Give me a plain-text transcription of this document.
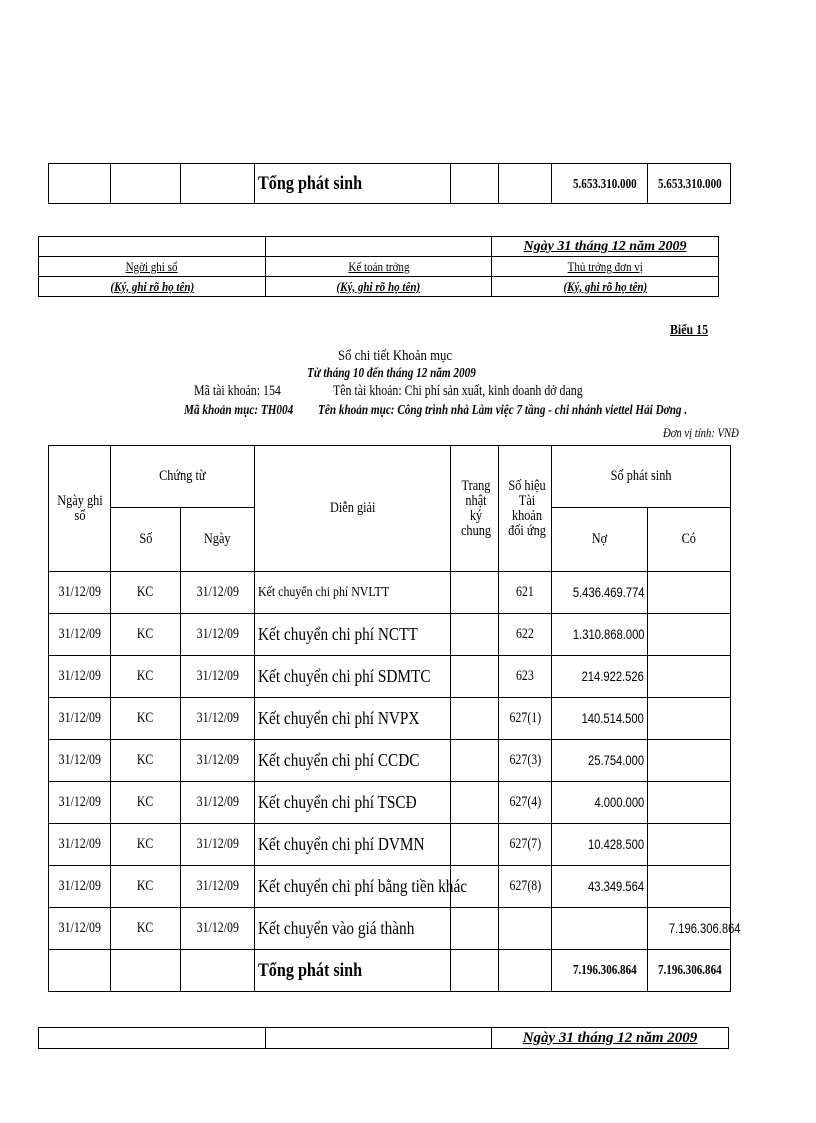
			Tổng phát sinh			5.653.310.000	5.653.310.000
		Ngày 31 tháng 12 năm 2009
Ngời ghi sổ	Kế toán trởng	Thủ trởng đơn vị
(Ký, ghi rõ họ tên)	(Ký, ghi rõ họ tên)	(Ký, ghi rõ họ tên)
Biểu 15
Sổ chi tiết Khoản mục
Từ tháng 10 đến tháng 12 năm 2009
Mã tài khoản: 154	Tên tài khoản: Chi phí sản xuất, kinh doanh dở dang
Mã khoản mục: TH004 Tên khoản mục: Công trình nhà Làm việc 7 tầng - chi nhánh viettel Hải Dơng .
Đơn vị tính: VNĐ
Ngày ghi sổ	Chứng từ		Diễn giải	Trang nhật ký chung	Số hiệu Tài khoản đối ứng	Số phát sinh	
	Số	Ngày				Nợ	Có
31/12/09	KC	31/12/09	Kết chuyển chi phí NVLTT		621	5.436.469.774	
31/12/09	KC	31/12/09	Kết chuyển chi phí NCTT		622	1.310.868.000	
31/12/09	KC	31/12/09	Kết chuyển chi phí SDMTC		623	214.922.526	
31/12/09	KC	31/12/09	Kết chuyển chi phí NVPX		627(1)	140.514.500	
31/12/09	KC	31/12/09	Kết chuyển chi phí CCDC		627(3)	25.754.000	
31/12/09	KC	31/12/09	Kết chuyển chi phí TSCĐ		627(4)	4.000.000	
31/12/09	KC	31/12/09	Kết chuyển chi phí DVMN		627(7)	10.428.500	
31/12/09	KC	31/12/09	Kết chuyển chi phí bằng tiền khác		627(8)	43.349.564	
31/12/09	KC	31/12/09	Kết chuyển vào giá thành				7.196.306.864
			Tổng phát sinh			7.196.306.864	7.196.306.864
		Ngày 31 tháng 12 năm 2009
